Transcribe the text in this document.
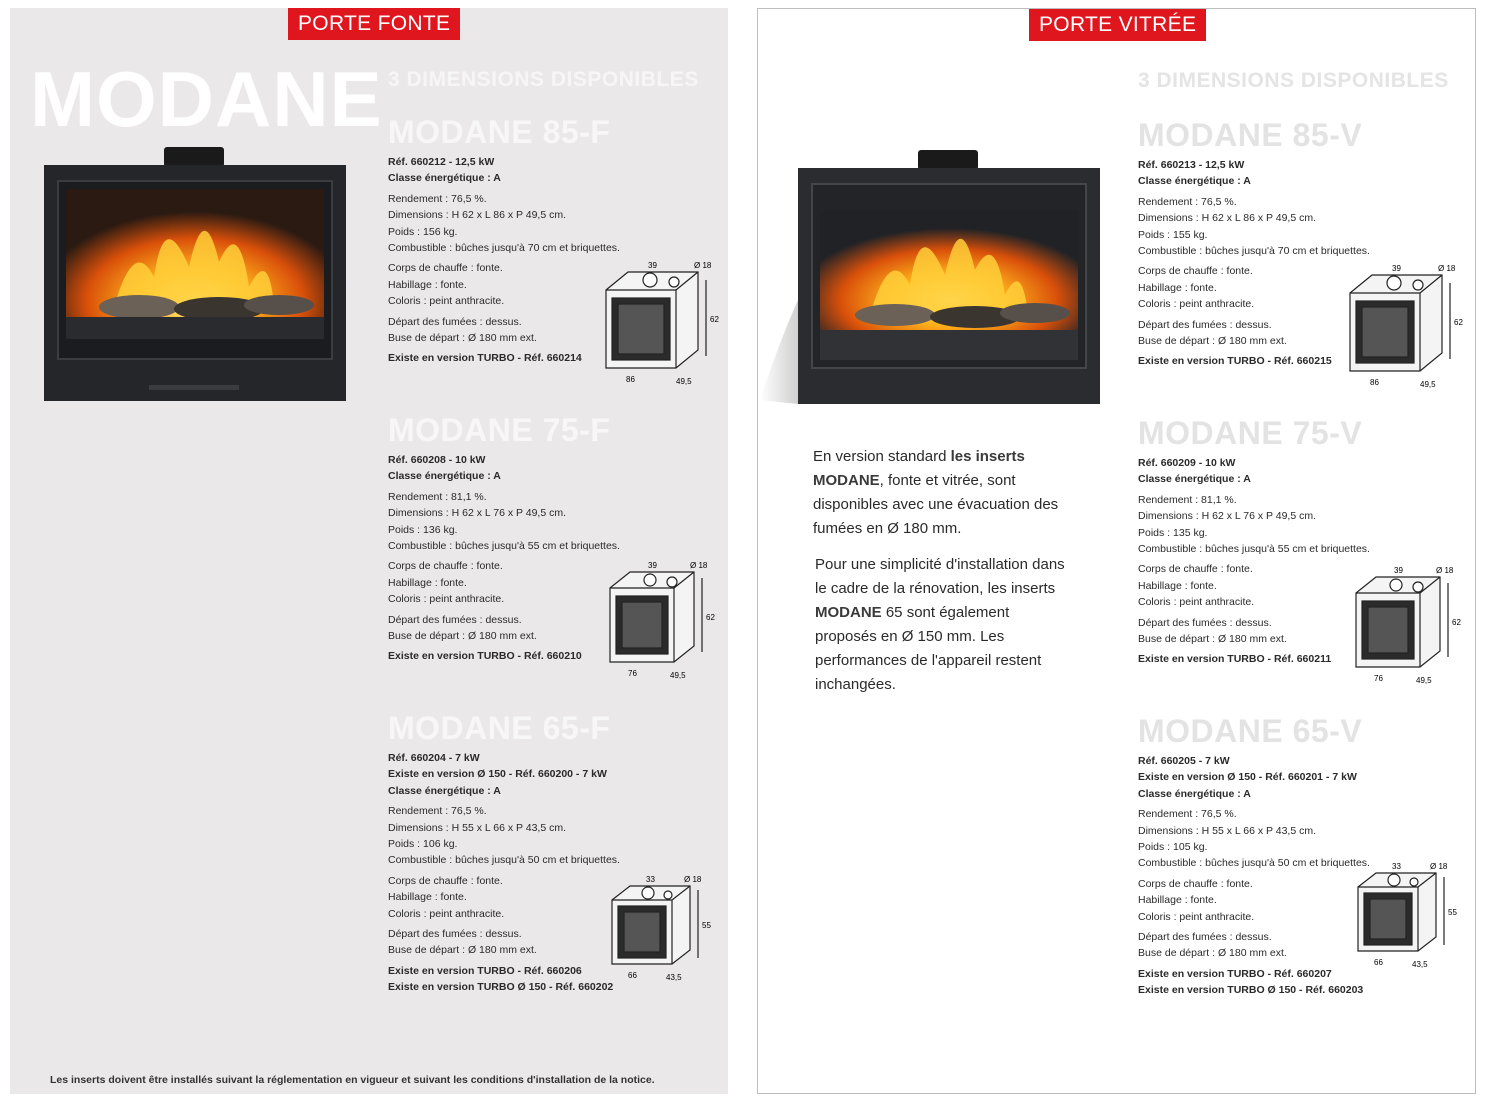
PORTE FONTE
MODANE 3 DIMENSIONS DISPONIBLES
MODANE 85-F

Réf. 660212 - 12,5 kW

Classe énergétique : A

Rendement : 76,5 %.

Dimensions : H 62 x L 86 x P 49,5 cm.

Poids : 156 kg.

Combustible : bûches jusqu'à 70 cm et briquettes.

Corps de chauffe : fonte.

Habillage : fonte.

Coloris : peint anthracite.

Départ des fumées : dessus.

Buse de départ : Ø 180 mm ext.

Existe en version TURBO - Réf. 660214

39	Ø 18
62
86	49,5
MODANE 75-F

Réf. 660208 - 10 kW

Classe énergétique : A

Rendement : 81,1 %.

Dimensions : H 62 x L 76 x P 49,5 cm.

Poids : 136 kg.

Combustible : bûches jusqu'à 55 cm et briquettes.

Corps de chauffe : fonte.

Habillage : fonte.

Coloris : peint anthracite.

Départ des fumées : dessus.

Buse de départ : Ø 180 mm ext.

Existe en version TURBO - Réf. 660210

39	Ø 18
62
76	49,5
MODANE 65-F

Réf. 660204 - 7 kW

Existe en version Ø 150 - Réf. 660200 - 7 kW

Classe énergétique : A

Rendement : 76,5 %.

Dimensions : H 55 x L 66 x P 43,5 cm.

Poids : 106 kg.

Combustible : bûches jusqu'à 50 cm et briquettes.

Corps de chauffe : fonte.

Habillage : fonte.

Coloris : peint anthracite.

Départ des fumées : dessus.

Buse de départ : Ø 180 mm ext.

Existe en version TURBO - Réf. 660206

Existe en version TURBO Ø 150 - Réf. 660202

33	Ø 18
55
66	43,5
Les inserts doivent être installés suivant la réglementation en vigueur et suivant les conditions d'installation de la notice.
PORTE VITRÉE
3 DIMENSIONS DISPONIBLES
En version standard les inserts MODANE, fonte et vitrée, sont disponibles avec une évacuation des fumées en Ø 180 mm.
Pour une simplicité d'installation dans le cadre de la rénovation, les inserts MODANE 65 sont également proposés en Ø 150 mm. Les performances de l'appareil restent inchangées.
MODANE 85-V

Réf. 660213 - 12,5 kW

Classe énergétique : A

Rendement : 76,5 %.

Dimensions : H 62 x L 86 x P 49,5 cm.

Poids : 155 kg.

Combustible : bûches jusqu'à 70 cm et briquettes.

Corps de chauffe : fonte.

Habillage : fonte.

Coloris : peint anthracite.

Départ des fumées : dessus.

Buse de départ : Ø 180 mm ext.

Existe en version TURBO - Réf. 660215

39	Ø 18
62
86	49,5
MODANE 75-V

Réf. 660209 - 10 kW

Classe énergétique : A

Rendement : 81,1 %.

Dimensions : H 62 x L 76 x P 49,5 cm.

Poids : 135 kg.

Combustible : bûches jusqu'à 55 cm et briquettes.

Corps de chauffe : fonte.

Habillage : fonte.

Coloris : peint anthracite.

Départ des fumées : dessus.

Buse de départ : Ø 180 mm ext.

Existe en version TURBO - Réf. 660211

39	Ø 18
62
76	49,5
MODANE 65-V

Réf. 660205 - 7 kW

Existe en version Ø 150 - Réf. 660201 - 7 kW

Classe énergétique : A

Rendement : 76,5 %.

Dimensions : H 55 x L 66 x P 43,5 cm.

Poids : 105 kg.

Combustible : bûches jusqu'à 50 cm et briquettes.

Corps de chauffe : fonte.

Habillage : fonte.

Coloris : peint anthracite.

Départ des fumées : dessus.

Buse de départ : Ø 180 mm ext.

Existe en version TURBO - Réf. 660207

Existe en version TURBO Ø 150 - Réf. 660203

33	Ø 18
55
66	43,5
